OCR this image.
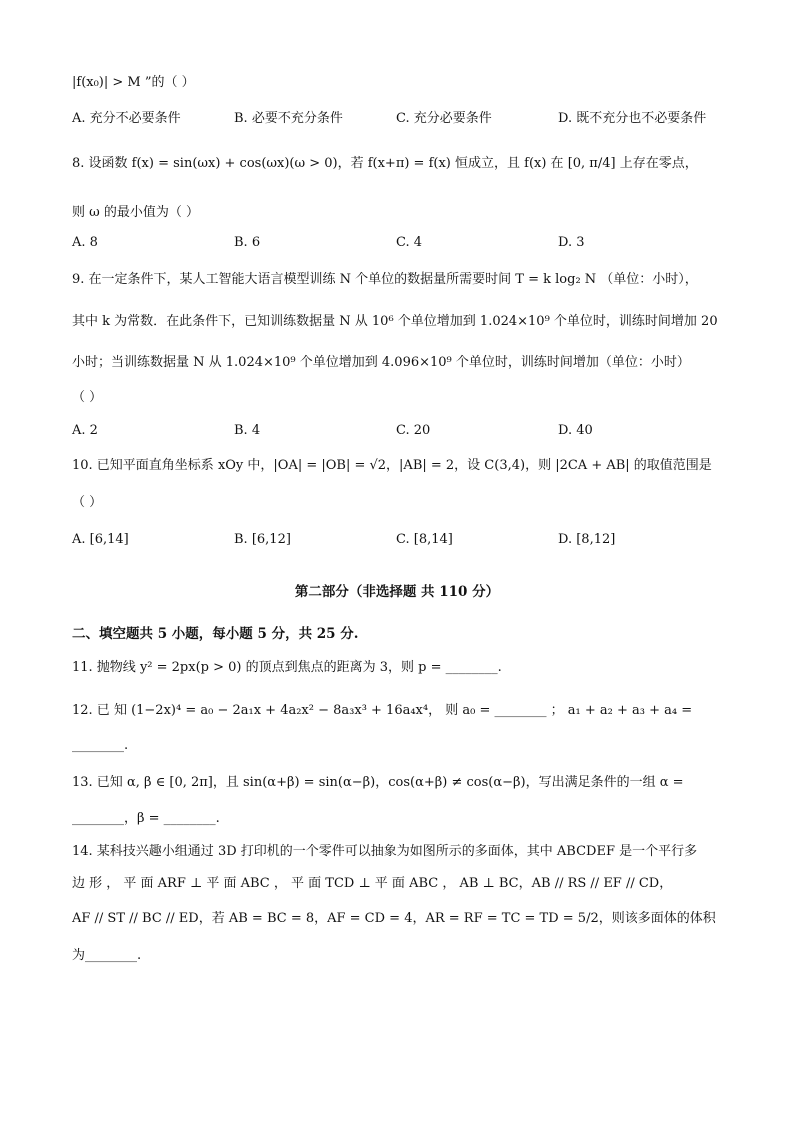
|f(x₀)| > M ”的（ ）
A. 充分不必要条件	B. 必要不充分条件	C. 充分必要条件	D. 既不充分也不必要条件
8. 设函数 f(x) = sin(ωx) + cos(ωx)(ω > 0)，若 f(x+π) = f(x) 恒成立，且 f(x) 在 [0, π/4] 上存在零点，
则 ω 的最小值为（ ）
A. 8	B. 6	C. 4	D. 3
9. 在一定条件下，某人工智能大语言模型训练 N 个单位的数据量所需要时间 T = k log₂ N （单位：小时），
其中 k 为常数．在此条件下，已知训练数据量 N 从 10⁶ 个单位增加到 1.024×10⁹ 个单位时，训练时间增加 20
小时；当训练数据量 N 从 1.024×10⁹ 个单位增加到 4.096×10⁹ 个单位时，训练时间增加（单位：小时）
（ ）
A. 2	B. 4	C. 20	D. 40
10. 已知平面直角坐标系 xOy 中，|OA| = |OB| = √2，|AB| = 2，设 C(3,4)，则 |2CA + AB| 的取值范围是
（ ）
A. [6,14]	B. [6,12]	C. [8,14]	D. [8,12]
第二部分（非选择题 共 110 分）
二、填空题共 5 小题，每小题 5 分，共 25 分.
11. 抛物线 y² = 2px(p > 0) 的顶点到焦点的距离为 3，则 p = ________.
12. 已 知 (1−2x)⁴ = a₀ − 2a₁x + 4a₂x² − 8a₃x³ + 16a₄x⁴， 则 a₀ = ________ ； a₁ + a₂ + a₃ + a₄ =
________.
13. 已知 α, β ∈ [0, 2π]，且 sin(α+β) = sin(α−β)，cos(α+β) ≠ cos(α−β)，写出满足条件的一组 α =
________，β = ________.
14. 某科技兴趣小组通过 3D 打印机的一个零件可以抽象为如图所示的多面体，其中 ABCDEF 是一个平行多
边 形 ， 平 面 ARF ⊥ 平 面 ABC ， 平 面 TCD ⊥ 平 面 ABC ， AB ⊥ BC，AB // RS // EF // CD，
AF // ST // BC // ED，若 AB = BC = 8，AF = CD = 4，AR = RF = TC = TD = 5/2，则该多面体的体积
为________.
